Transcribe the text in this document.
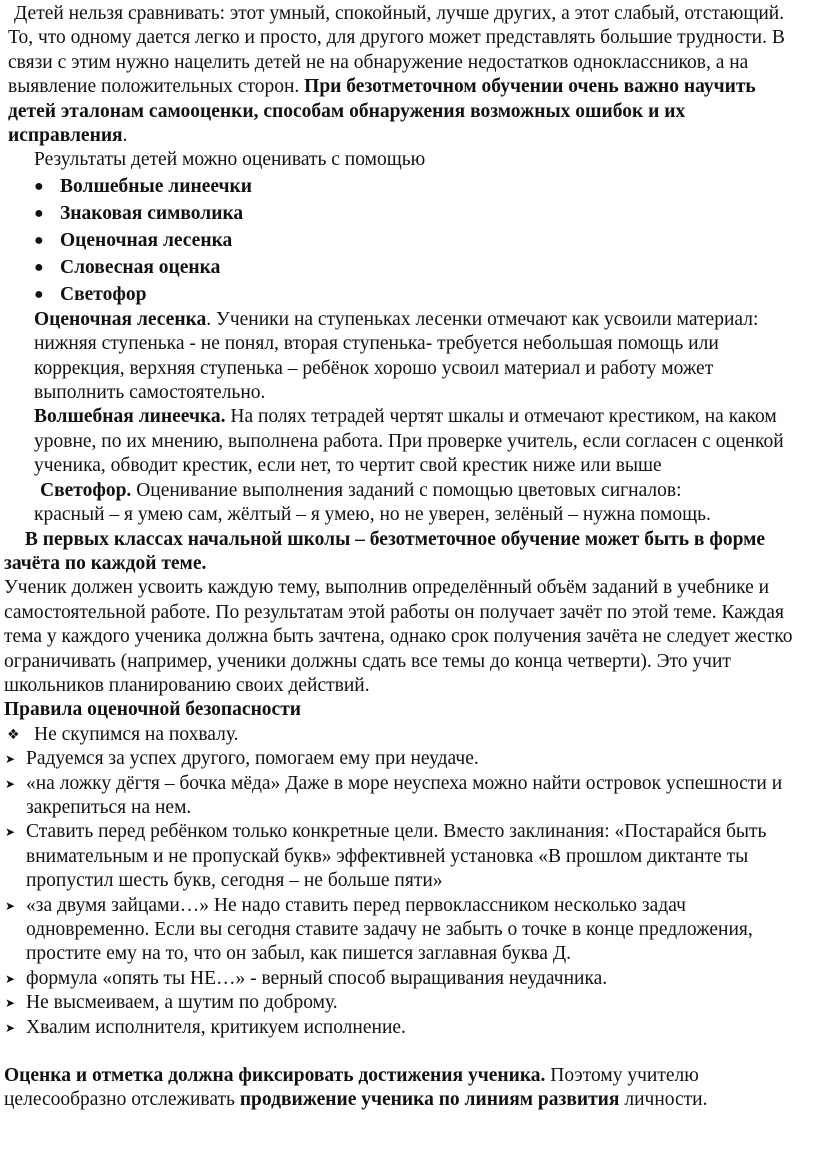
Детей нельзя сравнивать: этот умный, спокойный, лучше других, а этот слабый, отстающий. То, что одному дается легко и просто, для другого может представлять большие трудности. В связи с этим нужно нацелить детей не на обнаружение недостатков одноклассников, а на выявление положительных сторон. При безотметочном обучении очень важно научить детей эталонам самооценки, способам обнаружения возможных ошибок и их исправления.

Результаты детей можно оценивать с помощью

● Волшебные линеечки
● Знаковая символика
● Оценочная лесенка
● Словесная оценка
● Светофор

Оценочная лесенка. Ученики на ступеньках лесенки отмечают как усвоили материал: нижняя ступенька - не понял, вторая ступенька- требуется небольшая помощь или коррекция, верхняя ступенька – ребёнок хорошо усвоил материал и работу может выполнить самостоятельно.

Волшебная линеечка. На полях тетрадей чертят шкалы и отмечают крестиком, на каком уровне, по их мнению, выполнена работа. При проверке учитель, если согласен с оценкой ученика, обводит крестик, если нет, то чертит свой крестик ниже или выше

Светофор. Оценивание выполнения заданий с помощью цветовых сигналов:

красный – я умею сам, жёлтый – я умею, но не уверен, зелёный – нужна помощь.

В первых классах начальной школы – безотметочное обучение может быть в форме зачёта по каждой теме.

Ученик должен усвоить каждую тему, выполнив определённый объём заданий в учебнике и самостоятельной работе. По результатам этой работы он получает зачёт по этой теме. Каждая тема у каждого ученика должна быть зачтена, однако срок получения зачёта не следует жестко ограничивать (например, ученики должны сдать все темы до конца четверти). Это учит школьников планированию своих действий.

Правила оценочной безопасности

❖ Не скупимся на похвалу.
➤ Радуемся за успех другого, помогаем ему при неудаче.
➤ «на ложку дёгтя – бочка мёда» Даже в море неуспеха можно найти островок успешности и закрепиться на нем.
➤ Ставить перед ребёнком только конкретные цели. Вместо заклинания: «Постарайся быть внимательным и не пропускай букв» эффективней установка «В прошлом диктанте ты пропустил шесть букв, сегодня – не больше пяти»
➤ «за двумя зайцами…» Не надо ставить перед первоклассником несколько задач одновременно. Если вы сегодня ставите задачу не забыть о точке в конце предложения, простите ему на то, что он забыл, как пишется заглавная буква Д.
➤ формула «опять ты НЕ…» - верный способ выращивания неудачника.
➤ Не высмеиваем, а шутим по доброму.
➤ Хвалим исполнителя, критикуем исполнение.

Оценка и отметка должна фиксировать достижения ученика. Поэтому учителю целесообразно отслеживать продвижение ученика по линиям развития личности.
